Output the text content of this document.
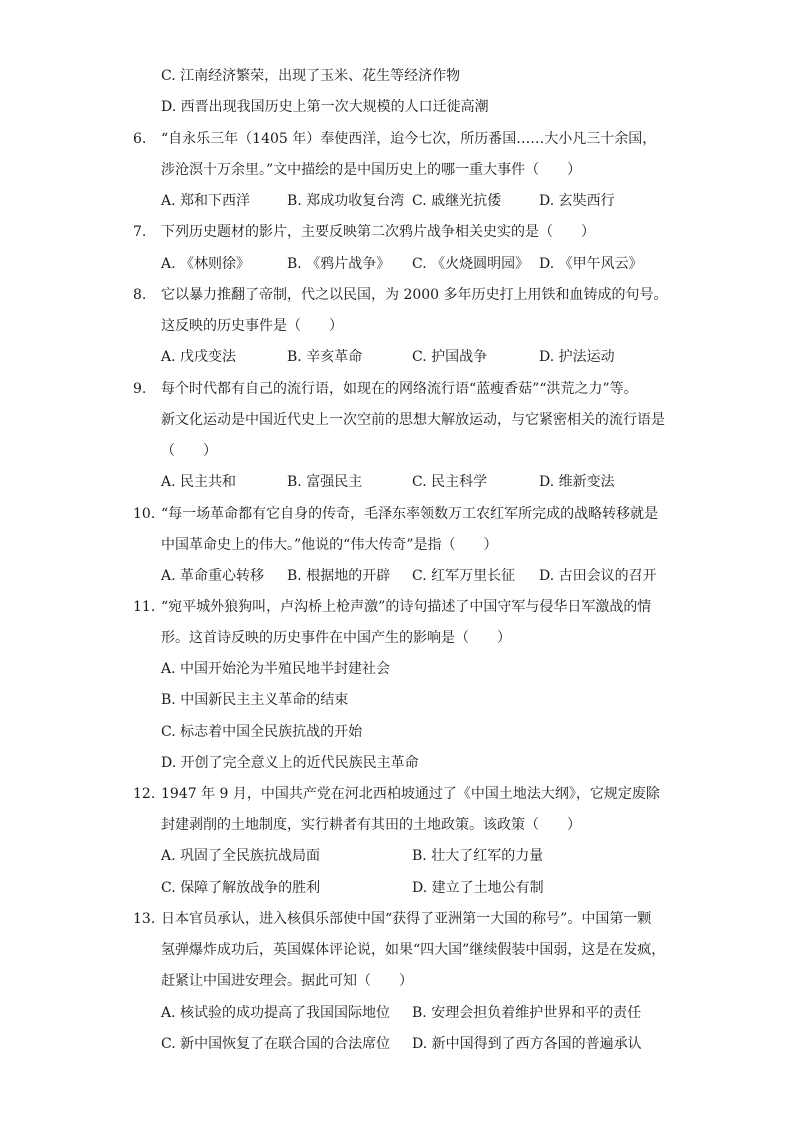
C. 江南经济繁荣，出现了玉米、花生等经济作物
D. 西晋出现我国历史上第一次大规模的人口迁徙高潮
6. “自永乐三年（1405 年）奉使西洋，迨今七次，所历番国……大小凡三十余国，
涉沧溟十万余里。”文中描绘的是中国历史上的哪一重大事件（　　）
A. 郑和下西洋	B. 郑成功收复台湾 C. 戚继光抗倭	D. 玄奘西行
7. 下列历史题材的影片，主要反映第二次鸦片战争相关史实的是（　　）
A. 《林则徐》	B. 《鸦片战争》 C. 《火烧圆明园》 D. 《甲午风云》
8. 它以暴力推翻了帝制，代之以民国，为 2000 多年历史打上用铁和血铸成的句号。
这反映的历史事件是（　　）
A. 戊戌变法	B. 辛亥革命	C. 护国战争	D. 护法运动
9. 每个时代都有自己的流行语，如现在的网络流行语“蓝瘦香菇”“洪荒之力”等。
新文化运动是中国近代史上一次空前的思想大解放运动，与它紧密相关的流行语是
（　　）
A. 民主共和	B. 富强民主	C. 民主科学	D. 维新变法
10. “每一场革命都有它自身的传奇，毛泽东率领数万工农红军所完成的战略转移就是
中国革命史上的伟大。”他说的“伟大传奇”是指（　　）
A. 革命重心转移 B. 根据地的开辟 C. 红军万里长征 D. 古田会议的召开
11. “宛平城外狼狗叫，卢沟桥上枪声激”的诗句描述了中国守军与侵华日军激战的情
形。这首诗反映的历史事件在中国产生的影响是（　　）
A. 中国开始沦为半殖民地半封建社会
B. 中国新民主主义革命的结束
C. 标志着中国全民族抗战的开始
D. 开创了完全意义上的近代民族民主革命
12. 1947 年 9 月，中国共产党在河北西柏坡通过了《中国土地法大纲》，它规定废除
封建剥削的土地制度，实行耕者有其田的土地政策。该政策（　　）
A. 巩固了全民族抗战局面	B. 壮大了红军的力量
C. 保障了解放战争的胜利	D. 建立了土地公有制
13. 日本官员承认，进入核俱乐部使中国“获得了亚洲第一大国的称号”。中国第一颗
氢弹爆炸成功后，英国媒体评论说，如果“四大国”继续假装中国弱，这是在发疯，
赶紧让中国进安理会。据此可知（　　）
A. 核试验的成功提高了我国国际地位 B. 安理会担负着维护世界和平的责任
C. 新中国恢复了在联合国的合法席位 D. 新中国得到了西方各国的普遍承认
